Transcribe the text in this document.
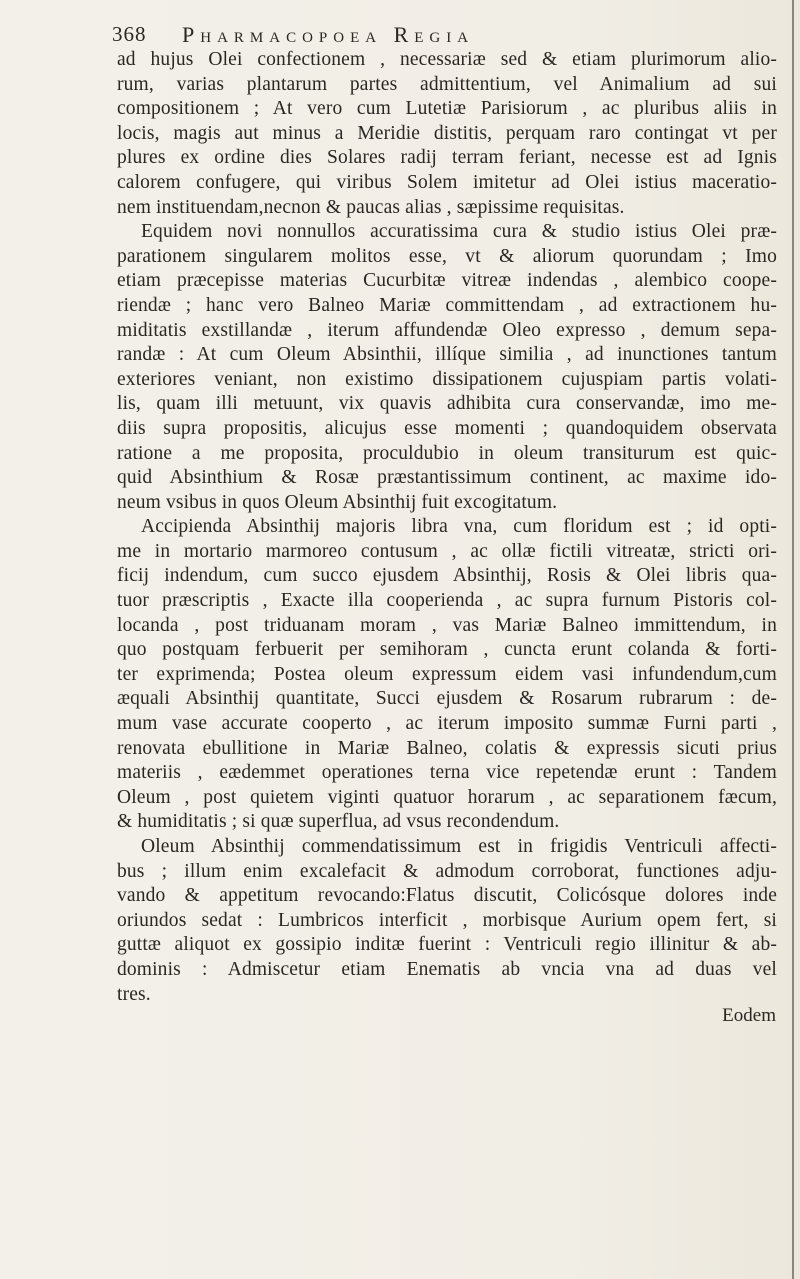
368 Pharmacopoea Regia
ad hujus Olei confectionem , necessariæ sed & etiam plurimorum alio-
rum, varias plantarum partes admittentium, vel Animalium ad sui
compositionem ; At vero cum Lutetiæ Parisiorum , ac pluribus aliis in
locis, magis aut minus a Meridie distitis, perquam raro contingat vt per
plures ex ordine dies Solares radij terram feriant, necesse est ad Ignis
calorem confugere, qui viribus Solem imitetur ad Olei istius maceratio-
nem instituendam,necnon & paucas alias , sæpissime requisitas.
Equidem novi nonnullos accuratissima cura & studio istius Olei præ-
parationem singularem molitos esse, vt & aliorum quorundam ; Imo
etiam præcepisse materias Cucurbitæ vitreæ indendas , alembico coope-
riendæ ; hanc vero Balneo Mariæ committendam , ad extractionem hu-
miditatis exstillandæ , iterum affundendæ Oleo expresso , demum sepa-
randæ : At cum Oleum Absinthii, illíque similia , ad inunctiones tantum
exteriores veniant, non existimo dissipationem cujuspiam partis volati-
lis, quam illi metuunt, vix quavis adhibita cura conservandæ, imo me-
diis supra propositis, alicujus esse momenti ; quandoquidem observata
ratione a me proposita, proculdubio in oleum transiturum est quic-
quid Absinthium & Rosæ præstantissimum continent, ac maxime ido-
neum vsibus in quos Oleum Absinthij fuit excogitatum.
Accipienda Absinthij majoris libra vna, cum floridum est ; id opti-
me in mortario marmoreo contusum , ac ollæ fictili vitreatæ, stricti ori-
ficij indendum, cum succo ejusdem Absinthij, Rosis & Olei libris qua-
tuor præscriptis , Exacte illa cooperienda , ac supra furnum Pistoris col-
locanda , post triduanam moram , vas Mariæ Balneo immittendum, in
quo postquam ferbuerit per semihoram , cuncta erunt colanda & forti-
ter exprimenda; Postea oleum expressum eidem vasi infundendum,cum
æquali Absinthij quantitate, Succi ejusdem & Rosarum rubrarum : de-
mum vase accurate cooperto , ac iterum imposito summæ Furni parti ,
renovata ebullitione in Mariæ Balneo, colatis & expressis sicuti prius
materiis , eædemmet operationes terna vice repetendæ erunt : Tandem
Oleum , post quietem viginti quatuor horarum , ac separationem fæcum,
& humiditatis ; si quæ superflua, ad vsus recondendum.
Oleum Absinthij commendatissimum est in frigidis Ventriculi affecti-
bus ; illum enim excalefacit & admodum corroborat, functiones adju-
vando & appetitum revocando:Flatus discutit, Colicósque dolores inde
oriundos sedat : Lumbricos interficit , morbisque Aurium opem fert, si
guttæ aliquot ex gossipio inditæ fuerint : Ventriculi regio illinitur & ab-
dominis : Admiscetur etiam Enematis ab vncia vna ad duas vel
tres.
Eodem
